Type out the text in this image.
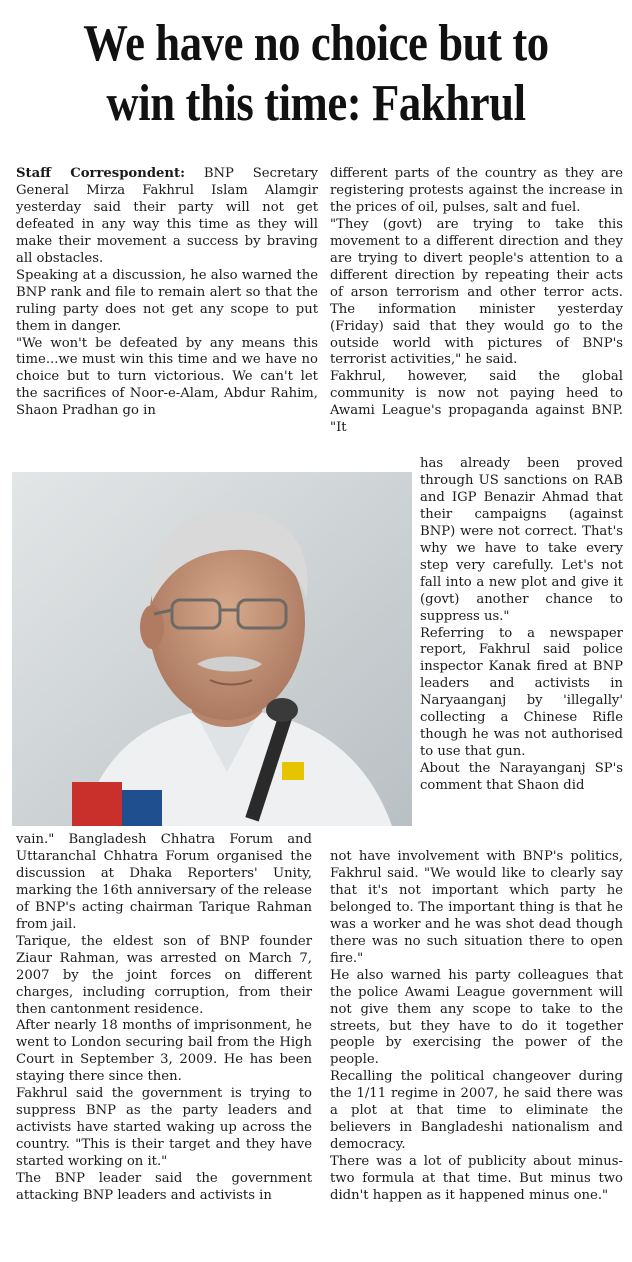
We have no choice but to
win this time: Fakhrul

Staff Correspondent: BNP Secretary General Mirza Fakhrul Islam Alamgir yesterday said their party will not get defeated in any way this time as they will make their movement a success by braving all obstacles.

Speaking at a discussion, he also warned the BNP rank and file to remain alert so that the ruling party does not get any scope to put them in danger.

"We won't be defeated by any means this time...we must win this time and we have no choice but to turn victorious. We can't let the sacrifices of Noor-e-Alam, Abdur Rahim, Shaon Pradhan go in

vain." Bangladesh Chhatra Forum and Uttaranchal Chhatra Forum organised the discussion at Dhaka Reporters' Unity, marking the 16th anniversary of the release of BNP's acting chairman Tarique Rahman from jail.

Tarique, the eldest son of BNP founder Ziaur Rahman, was arrested on March 7, 2007 by the joint forces on different charges, including corruption, from their then cantonment residence.

After nearly 18 months of imprisonment, he went to London securing bail from the High Court in September 3, 2009. He has been staying there since then.

Fakhrul said the government is trying to suppress BNP as the party leaders and activists have started waking up across the country. "This is their target and they have started working on it."

The BNP leader said the government attacking BNP leaders and activists in

different parts of the country as they are registering protests against the increase in the prices of oil, pulses, salt and fuel.

"They (govt) are trying to take this movement to a different direction and they are trying to divert people's attention to a different direction by repeating their acts of arson terrorism and other terror acts. The information minister yesterday (Friday) said that they would go to the outside world with pictures of BNP's terrorist activities," he said.

Fakhrul, however, said the global community is now not paying heed to Awami League's propaganda against BNP. "It

has already been proved through US sanctions on RAB and IGP Benazir Ahmad that their campaigns (against BNP) were not correct. That's why we have to take every step very carefully. Let's not fall into a new plot and give it (govt) another chance to suppress us."

Referring to a newspaper report, Fakhrul said police inspector Kanak fired at BNP leaders and activists in Naryaanganj by 'illegally' collecting a Chinese Rifle though he was not authorised to use that gun.

About the Narayanganj SP's comment that Shaon did

not have involvement with BNP's politics, Fakhrul said. "We would like to clearly say that it's not important which party he belonged to. The important thing is that he was a worker and he was shot dead though there was no such situation there to open fire."

He also warned his party colleagues that the police Awami League government will not give them any scope to take to the streets, but they have to do it together people by exercising the power of the people.

Recalling the political changeover during the 1/11 regime in 2007, he said there was a plot at that time to eliminate the believers in Bangladeshi nationalism and democracy.

There was a lot of publicity about minus-two formula at that time. But minus two didn't happen as it happened minus one."
